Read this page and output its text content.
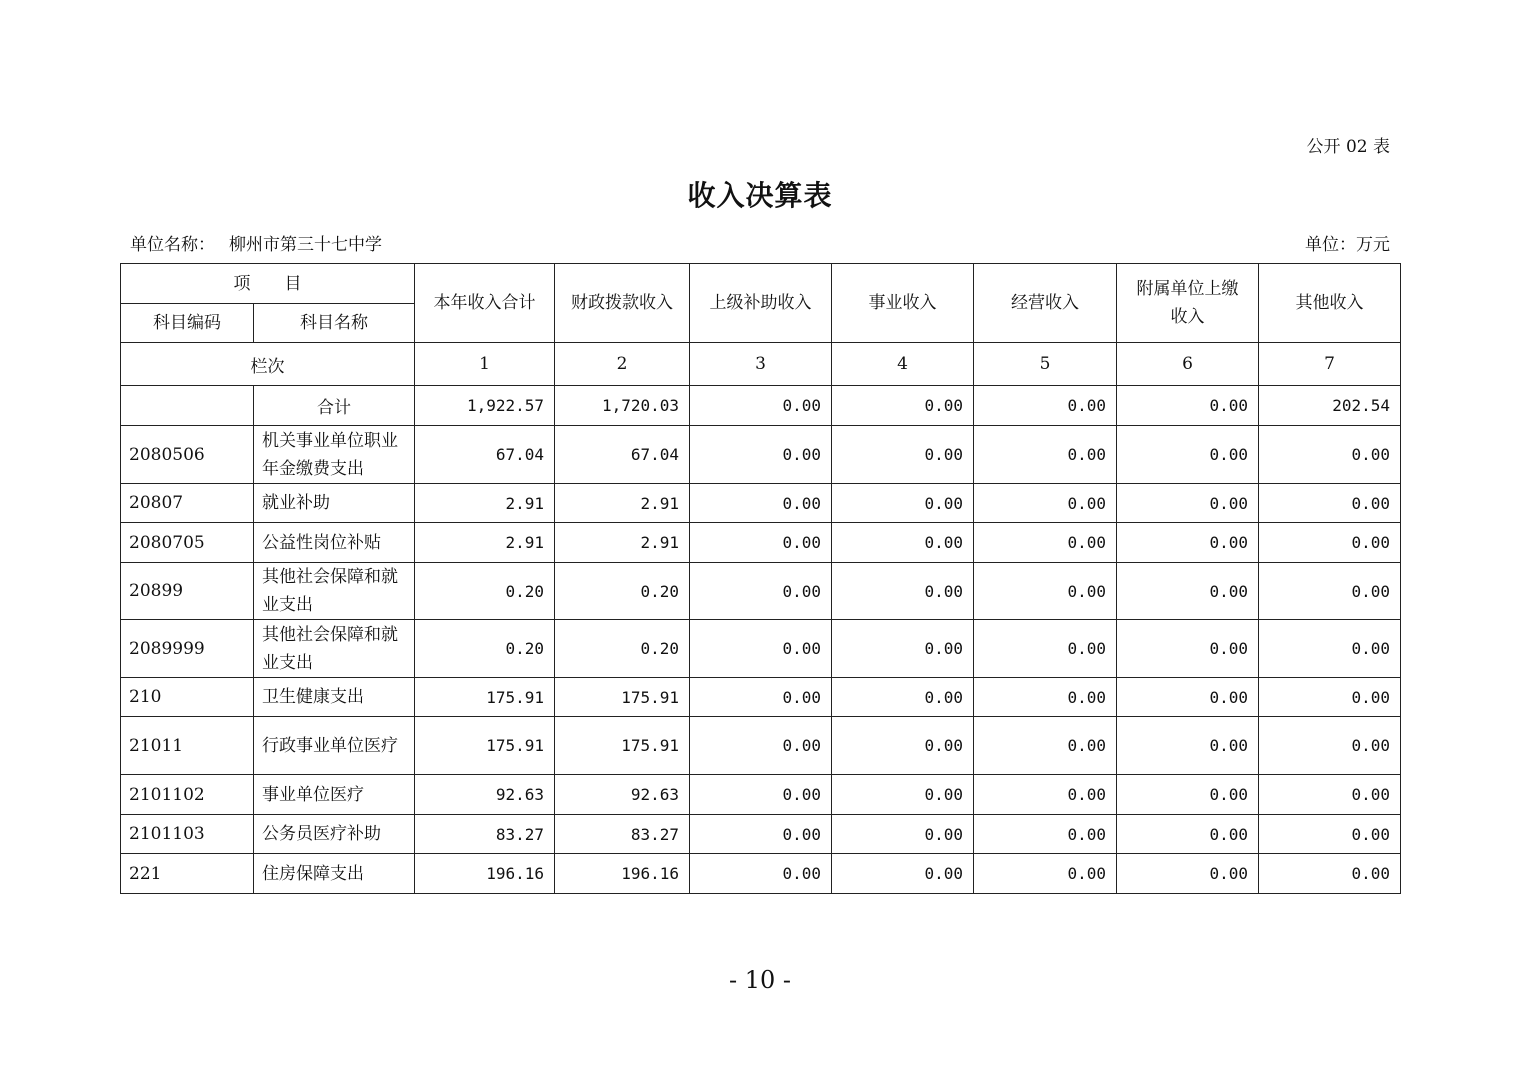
公开 02 表
收入决算表
单位名称： 柳州市第三十七中学	单位：万元
项　　目		本年收入合计	财政拨款收入	上级补助收入	事业收入	经营收入	附属单位上缴收入	其他收入
科目编码	科目名称							
栏次		1	2	3	4	5	6	7
	合计	1,922.57	1,720.03	0.00	0.00	0.00	0.00	202.54
2080506	机关事业单位职业年金缴费支出	67.04	67.04	0.00	0.00	0.00	0.00	0.00
20807	就业补助	2.91	2.91	0.00	0.00	0.00	0.00	0.00
2080705	公益性岗位补贴	2.91	2.91	0.00	0.00	0.00	0.00	0.00
20899	其他社会保障和就业支出	0.20	0.20	0.00	0.00	0.00	0.00	0.00
2089999	其他社会保障和就业支出	0.20	0.20	0.00	0.00	0.00	0.00	0.00
210	卫生健康支出	175.91	175.91	0.00	0.00	0.00	0.00	0.00
21011	行政事业单位医疗	175.91	175.91	0.00	0.00	0.00	0.00	0.00
2101102	事业单位医疗	92.63	92.63	0.00	0.00	0.00	0.00	0.00
2101103	公务员医疗补助	83.27	83.27	0.00	0.00	0.00	0.00	0.00
221	住房保障支出	196.16	196.16	0.00	0.00	0.00	0.00	0.00
- 10 -
